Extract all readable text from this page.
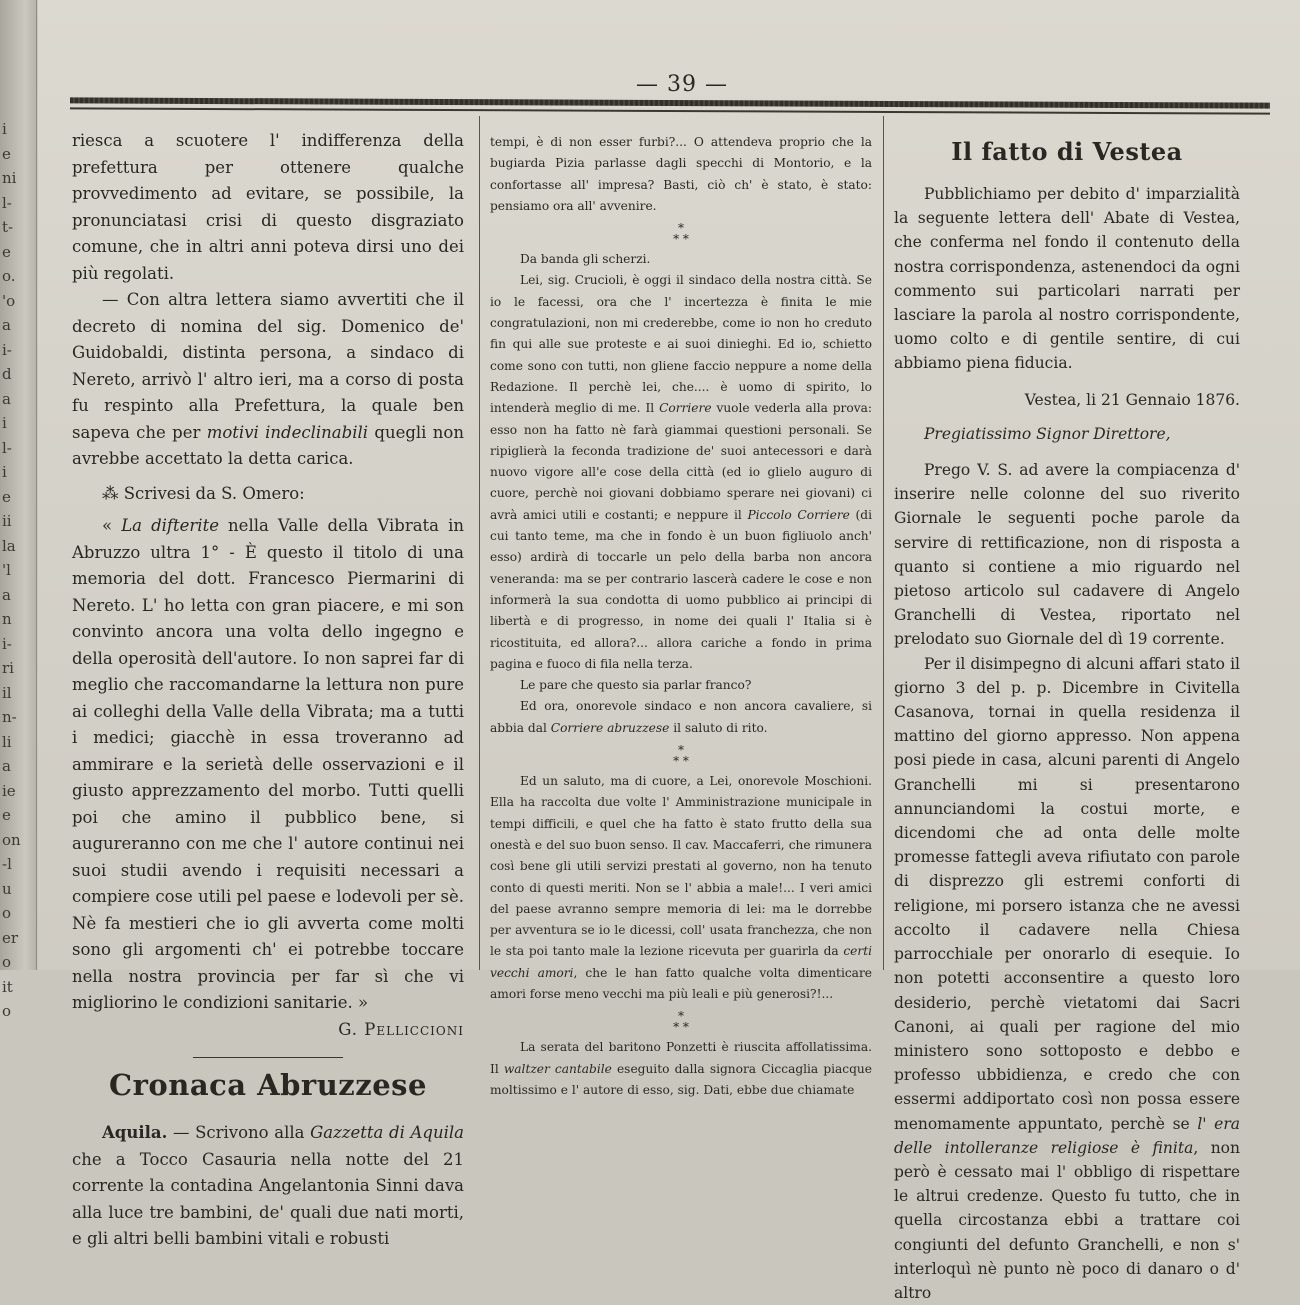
i
e
ni
l-
t-
e
o.
'o
a
i-
d
a
i
l-
i
e
ii
la
'l
a
n
i-
ri
il
n-
li
a
ie
e
on
-l
u
o
er
o
it
o
— 39 —

riesca a scuotere l' indifferenza della prefettura per ottenere qualche provvedimento ad evitare, se possibile, la pronunciatasi crisi di questo disgraziato comune, che in altri anni poteva dirsi uno dei più regolati.

— Con altra lettera siamo avvertiti che il decreto di nomina del sig. Domenico de' Guidobaldi, distinta persona, a sindaco di Nereto, arrivò l' altro ieri, ma a corso di posta fu respinto alla Prefettura, la quale ben sapeva che per motivi indeclinabili quegli non avrebbe accettato la detta carica.

⁂ Scrivesi da S. Omero:

« La difterite nella Valle della Vibrata in Abruzzo ultra 1° - È questo il titolo di una memoria del dott. Francesco Piermarini di Nereto. L' ho letta con gran piacere, e mi son convinto ancora una volta dello ingegno e della operosità dell'autore. Io non saprei far di meglio che raccomandarne la lettura non pure ai colleghi della Valle della Vibrata; ma a tutti i medici; giacchè in essa troveranno ad ammirare e la serietà delle osservazioni e il giusto apprezzamento del morbo. Tutti quelli poi che amino il pubblico bene, si augureranno con me che l' autore continui nei suoi studii avendo i requisiti necessari a compiere cose utili pel paese e lodevoli per sè. Nè fa mestieri che io gli avverta come molti sono gli argomenti ch' ei potrebbe toccare nella nostra provincia per far sì che vi migliorino le condizioni sanitarie. »

G. Pelliccioni

Cronaca Abruzzese

Aquila. — Scrivono alla Gazzetta di Aquila che a Tocco Casauria nella notte del 21 corrente la contadina Angelantonia Sinni dava alla luce tre bambini, de' quali due nati morti, e gli altri belli bambini vitali e robusti

tempi, è di non esser furbi?... O attendeva proprio che la bugiarda Pizia parlasse dagli specchi di Montorio, e la confortasse all' impresa? Basti, ciò ch' è stato, è stato: pensiamo ora all' avvenire.

*
* *

Da banda gli scherzi.

Lei, sig. Crucioli, è oggi il sindaco della nostra città. Se io le facessi, ora che l' incertezza è finita le mie congratulazioni, non mi crederebbe, come io non ho creduto fin qui alle sue proteste e ai suoi dinieghi. Ed io, schietto come sono con tutti, non gliene faccio neppure a nome della Redazione. Il perchè lei, che.... è uomo di spirito, lo intenderà meglio di me. Il Corriere vuole vederla alla prova: esso non ha fatto nè farà giammai questioni personali. Se ripiglierà la feconda tradizione de' suoi antecessori e darà nuovo vigore all'e cose della città (ed io glielo auguro di cuore, perchè noi giovani dobbiamo sperare nei giovani) ci avrà amici utili e costanti; e neppure il Piccolo Corriere (di cui tanto teme, ma che in fondo è un buon figliuolo anch' esso) ardirà di toccarle un pelo della barba non ancora veneranda: ma se per contrario lascerà cadere le cose e non informerà la sua condotta di uomo pubblico ai principi di libertà e di progresso, in nome dei quali l' Italia si è ricostituita, ed allora?... allora cariche a fondo in prima pagina e fuoco di fila nella terza.

Le pare che questo sia parlar franco?

Ed ora, onorevole sindaco e non ancora cavaliere, si abbia dal Corriere abruzzese il saluto di rito.

*
* *

Ed un saluto, ma di cuore, a Lei, onorevole Moschioni. Ella ha raccolta due volte l' Amministrazione municipale in tempi difficili, e quel che ha fatto è stato frutto della sua onestà e del suo buon senso. Il cav. Maccaferri, che rimunera così bene gli utili servizi prestati al governo, non ha tenuto conto di questi meriti. Non se l' abbia a male!... I veri amici del paese avranno sempre memoria di lei: ma le dorrebbe per avventura se io le dicessi, coll' usata franchezza, che non le sta poi tanto male la lezione ricevuta per guarirla da certi vecchi amori, che le han fatto qualche volta dimenticare amori forse meno vecchi ma più leali e più generosi?!...

*
* *

La serata del baritono Ponzetti è riuscita affollatissima. Il waltzer cantabile eseguito dalla signora Ciccaglia piacque moltissimo e l' autore di esso, sig. Dati, ebbe due chiamate

Il fatto di Vestea

Pubblichiamo per debito d' imparzialità la seguente lettera dell' Abate di Vestea, che conferma nel fondo il contenuto della nostra corrispondenza, astenendoci da ogni commento sui particolari narrati per lasciare la parola al nostro corrispondente, uomo colto e di gentile sentire, di cui abbiamo piena fiducia.

Vestea, li 21 Gennaio 1876.

Pregiatissimo Signor Direttore,

Prego V. S. ad avere la compiacenza d' inserire nelle colonne del suo riverito Giornale le seguenti poche parole da servire di rettificazione, non di risposta a quanto si contiene a mio riguardo nel pietoso articolo sul cadavere di Angelo Granchelli di Vestea, riportato nel prelodato suo Giornale del dì 19 corrente.

Per il disimpegno di alcuni affari stato il giorno 3 del p. p. Dicembre in Civitella Casanova, tornai in quella residenza il mattino del giorno appresso. Non appena posi piede in casa, alcuni parenti di Angelo Granchelli mi si presentarono annunciandomi la costui morte, e dicendomi che ad onta delle molte promesse fattegli aveva rifiutato con parole di disprezzo gli estremi conforti di religione, mi porsero istanza che ne avessi accolto il cadavere nella Chiesa parrocchiale per onorarlo di esequie. Io non potetti acconsentire a questo loro desiderio, perchè vietatomi dai Sacri Canoni, ai quali per ragione del mio ministero sono sottoposto e debbo e professo ubbidienza, e credo che con essermi addiportato così non possa essere menomamente appuntato, perchè se l' era delle intolleranze religiose è finita, non però è cessato mai l' obbligo di rispettare le altrui credenze. Questo fu tutto, che in quella circostanza ebbi a trattare coi congiunti del defunto Granchelli, e non s' interloquì nè punto nè poco di danaro o d' altro
